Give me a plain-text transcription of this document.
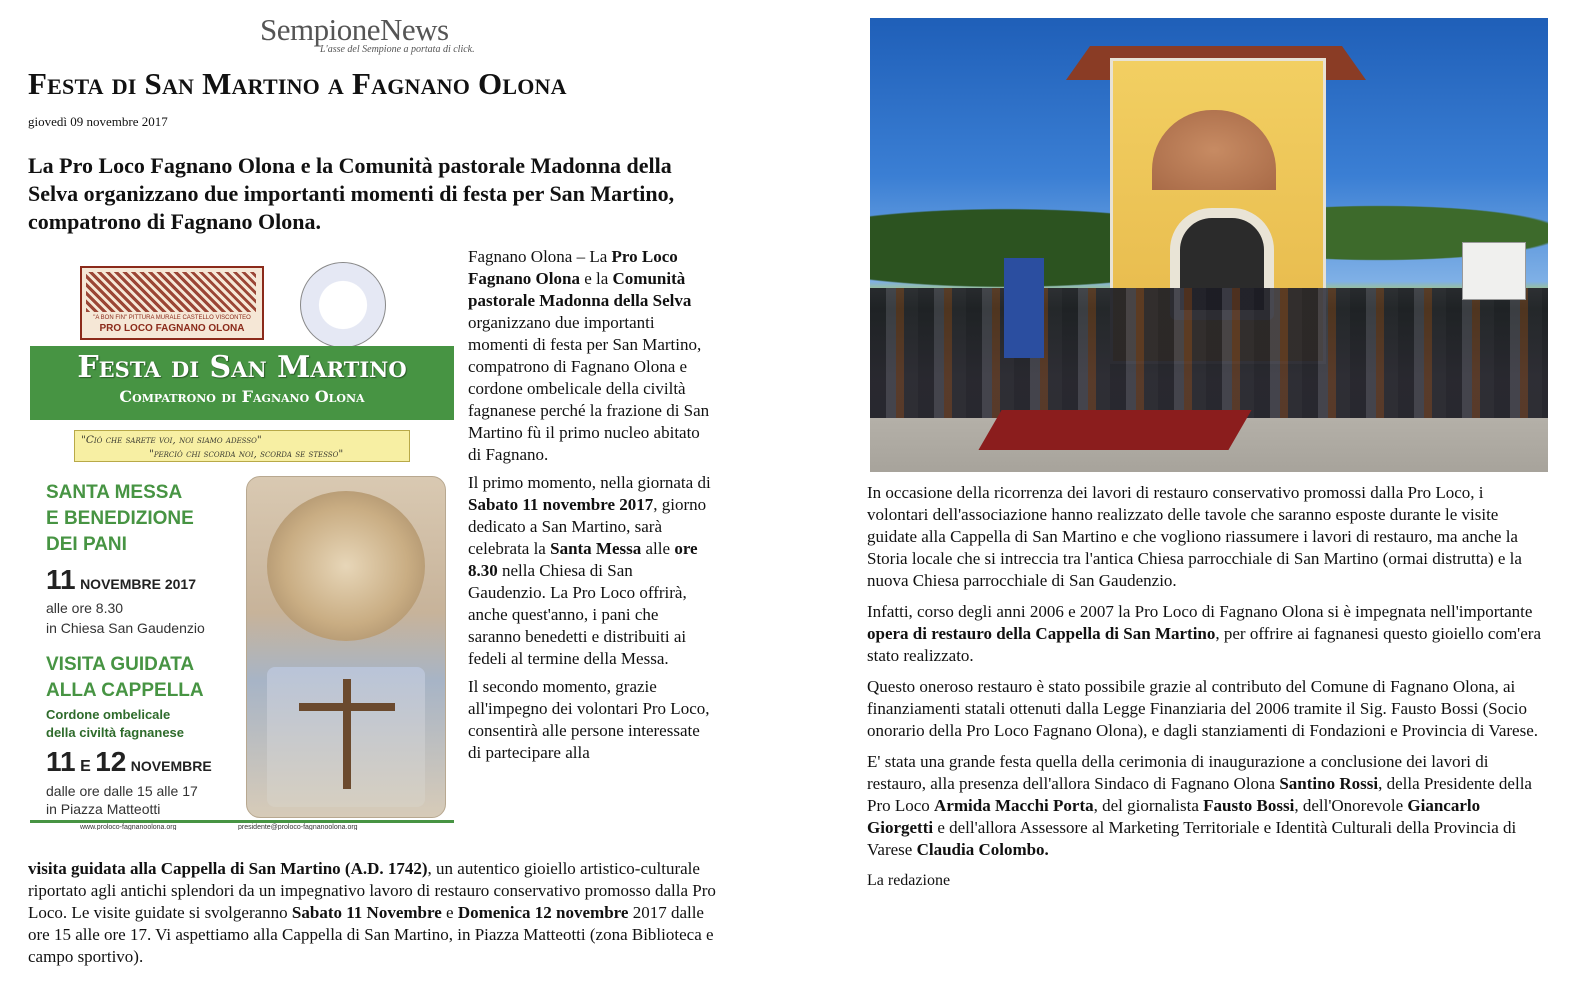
SempioneNews
L'asse del Sempione a portata di click.
Festa di San Martino a Fagnano Olona
giovedì 09 novembre 2017
La Pro Loco Fagnano Olona e la Comunità pastorale Madonna della Selva organizzano due importanti momenti di festa per San Martino, compatrono di Fagnano Olona.
"A BON FIN" PITTURA MURALE CASTELLO VISCONTEO
PRO LOCO FAGNANO OLONA
Festa di San Martino
Compatrono di Fagnano Olona
"Ciò che sarete voi, noi siamo adesso"
"perciò chi scorda noi, scorda se stesso"
SANTA MESSA
E BENEDIZIONE
DEI PANI
11 NOVEMBRE 2017
alle ore 8.30
in Chiesa San Gaudenzio
VISITA GUIDATA
ALLA CAPPELLA
Cordone ombelicale
della civiltà fagnanese
11 E 12 NOVEMBRE
dalle ore dalle 15 alle 17
in Piazza Matteotti
www.proloco-fagnanoolona.org	presidente@proloco-fagnanoolona.org

Fagnano Olona – La Pro Loco Fagnano Olona e la Comunità pastorale Madonna della Selva organizzano due importanti momenti di festa per San Martino, compatrono di Fagnano Olona e cordone ombelicale della civiltà fagnanese perché la frazione di San Martino fù il primo nucleo abitato di Fagnano.

Il primo momento, nella giornata di Sabato 11 novembre 2017, giorno dedicato a San Martino, sarà celebrata la Santa Messa alle ore 8.30 nella Chiesa di San Gaudenzio. La Pro Loco offrirà, anche quest'anno, i pani che saranno benedetti e distribuiti ai fedeli al termine della Messa.

Il secondo momento, grazie all'impegno dei volontari Pro Loco, consentirà alle persone interessate di partecipare alla

visita guidata alla Cappella di San Martino (A.D. 1742), un autentico gioiello artistico-culturale riportato agli antichi splendori da un impegnativo lavoro di restauro conservativo promosso dalla Pro Loco. Le visite guidate si svolgeranno Sabato 11 Novembre e Domenica 12 novembre 2017 dalle ore 15 alle ore 17. Vi aspettiamo alla Cappella di San Martino, in Piazza Matteotti (zona Biblioteca e campo sportivo).

In occasione della ricorrenza dei lavori di restauro conservativo promossi dalla Pro Loco, i volontari dell'associazione hanno realizzato delle tavole che saranno esposte durante le visite guidate alla Cappella di San Martino e che vogliono riassumere i lavori di restauro, ma anche la Storia locale che si intreccia tra l'antica Chiesa parrocchiale di San Martino (ormai distrutta) e la nuova Chiesa parrocchiale di San Gaudenzio.

Infatti, corso degli anni 2006 e 2007 la Pro Loco di Fagnano Olona si è impegnata nell'importante opera di restauro della Cappella di San Martino, per offrire ai fagnanesi questo gioiello com'era stato realizzato.

Questo oneroso restauro è stato possibile grazie al contributo del Comune di Fagnano Olona, ai finanziamenti statali ottenuti dalla Legge Finanziaria del 2006 tramite il Sig. Fausto Bossi (Socio onorario della Pro Loco Fagnano Olona), e dagli stanziamenti di Fondazioni e Provincia di Varese.

E' stata una grande festa quella della cerimonia di inaugurazione a conclusione dei lavori di restauro, alla presenza dell'allora Sindaco di Fagnano Olona Santino Rossi, della Presidente della Pro Loco Armida Macchi Porta, del giornalista Fausto Bossi, dell'Onorevole Giancarlo Giorgetti e dell'allora Assessore al Marketing Territoriale e Identità Culturali della Provincia di Varese Claudia Colombo.

La redazione
